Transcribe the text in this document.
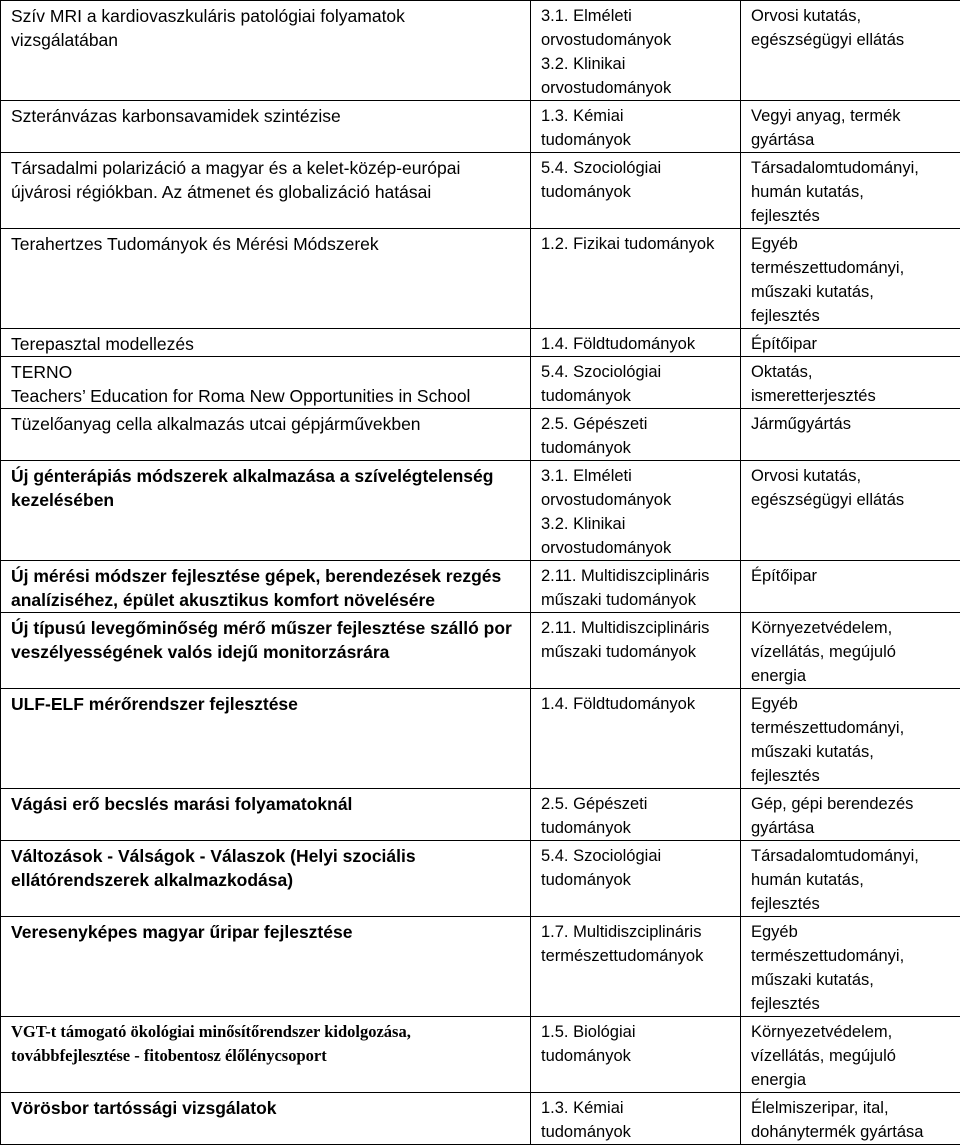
Szív MRI a kardiovaszkuláris patológiai folyamatok
vizsgálatában	3.1. Elméleti
orvostudományok
3.2. Klinikai
orvostudományok	Orvosi kutatás,
egészségügyi ellátás

Szteránvázas karbonsavamidek szintézise	1.3. Kémiai
tudományok	Vegyi anyag, termék
gyártása

Társadalmi polarizáció a magyar és a kelet-közép-európai
újvárosi régiókban. Az átmenet és globalizáció hatásai	5.4. Szociológiai
tudományok	Társadalomtudományi,
humán kutatás,
fejlesztés

Terahertzes Tudományok és Mérési Módszerek	1.2. Fizikai tudományok	Egyéb
természettudományi,
műszaki kutatás,
fejlesztés

Terepasztal modellezés	1.4. Földtudományok	Építőipar

TERNO
Teachers’ Education for Roma New Opportunities in School	5.4. Szociológiai
tudományok	Oktatás,
ismeretterjesztés

Tüzelőanyag cella alkalmazás utcai gépjárművekben	2.5. Gépészeti
tudományok	Járműgyártás

Új génterápiás módszerek alkalmazása a szívelégtelenség
kezelésében	3.1. Elméleti
orvostudományok
3.2. Klinikai
orvostudományok	Orvosi kutatás,
egészségügyi ellátás

Új mérési módszer fejlesztése gépek, berendezések rezgés
analíziséhez, épület akusztikus komfort növelésére	2.11. Multidiszciplináris
műszaki tudományok	Építőipar

Új típusú levegőminőség mérő műszer fejlesztése szálló por
veszélyességének valós idejű monitorzásrára	2.11. Multidiszciplináris
műszaki tudományok	Környezetvédelem,
vízellátás, megújuló
energia

ULF-ELF mérőrendszer fejlesztése	1.4. Földtudományok	Egyéb
természettudományi,
műszaki kutatás,
fejlesztés

Vágási erő becslés marási folyamatoknál	2.5. Gépészeti
tudományok	Gép, gépi berendezés
gyártása

Változások - Válságok - Válaszok (Helyi szociális
ellátórendszerek alkalmazkodása)	5.4. Szociológiai
tudományok	Társadalomtudományi,
humán kutatás,
fejlesztés

Veresenyképes magyar űripar fejlesztése	1.7. Multidiszciplináris
természettudományok	Egyéb
természettudományi,
műszaki kutatás,
fejlesztés

VGT-t támogató ökológiai minősítőrendszer kidolgozása,
továbbfejlesztése - fitobentosz élőlénycsoport	1.5. Biológiai
tudományok	Környezetvédelem,
vízellátás, megújuló
energia

Vörösbor tartóssági vizsgálatok	1.3. Kémiai
tudományok	Élelmiszeripar, ital,
dohánytermék gyártása
